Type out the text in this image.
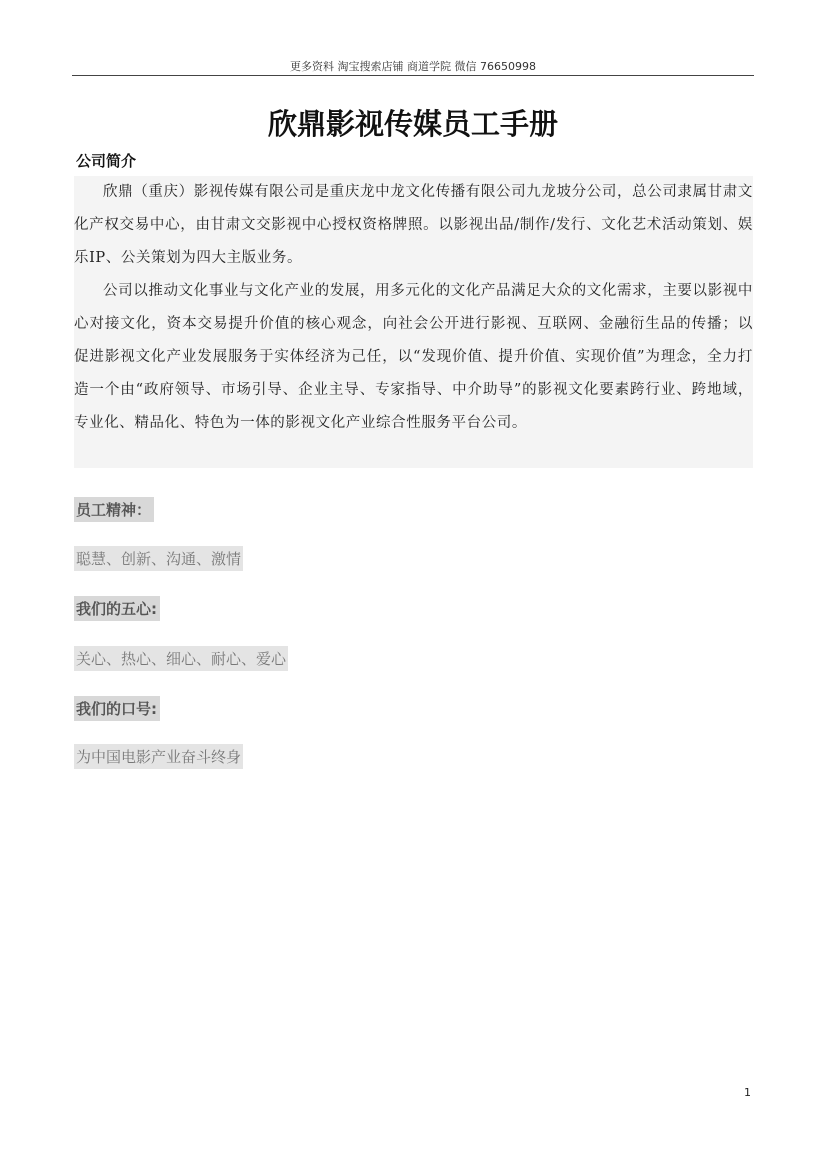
更多资料 淘宝搜索店铺 商道学院 微信 76650998
欣鼎影视传媒员工手册
公司简介

欣鼎（重庆）影视传媒有限公司是重庆龙中龙文化传播有限公司九龙坡分公司，总公司隶属甘肃文化产权交易中心，由甘肃文交影视中心授权资格牌照。以影视出品/制作/发行、文化艺术活动策划、娱乐IP、公关策划为四大主版业务。

公司以推动文化事业与文化产业的发展，用多元化的文化产品满足大众的文化需求，主要以影视中心对接文化，资本交易提升价值的核心观念，向社会公开进行影视、互联网、金融衍生品的传播；以促进影视文化产业发展服务于实体经济为己任，以“发现价值、提升价值、实现价值”为理念，全力打造一个由“政府领导、市场引导、企业主导、专家指导、中介助导”的影视文化要素跨行业、跨地域，专业化、精品化、特色为一体的影视文化产业综合性服务平台公司。

员工精神：
聪慧、创新、沟通、激情
我们的五心:
关心、热心、细心、耐心、爱心
我们的口号:
为中国电影产业奋斗终身
1
